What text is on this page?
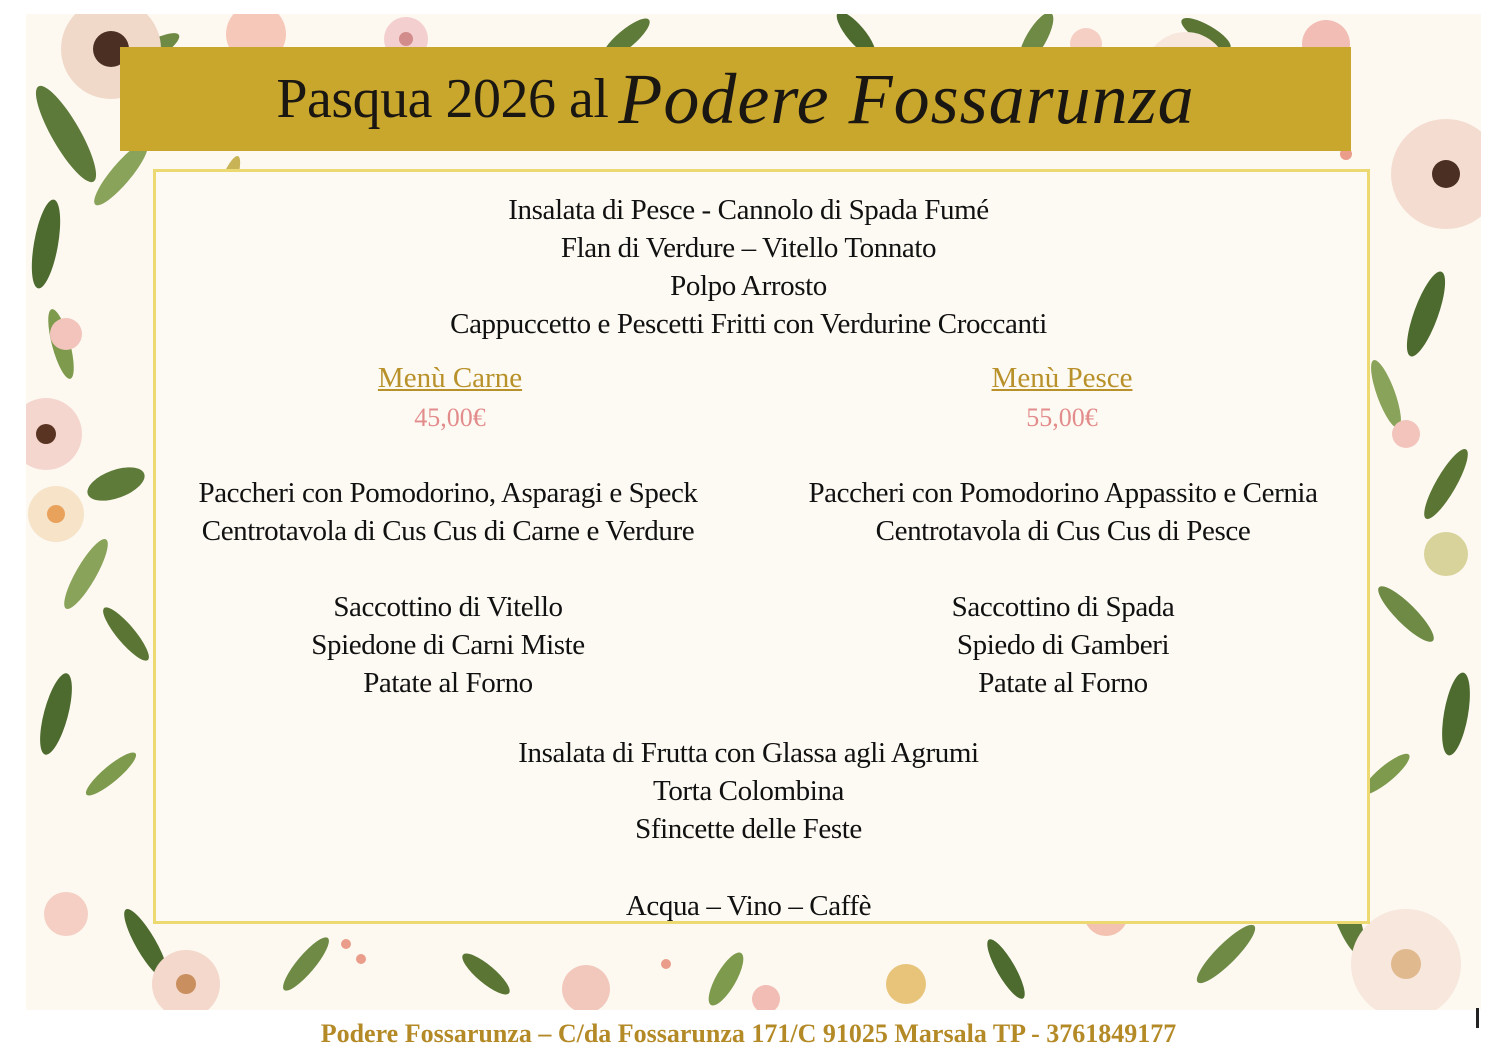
Pasqua 2026 al Podere Fossarunza
Insalata di Pesce - Cannolo di Spada Fumé
Flan di Verdure – Vitello Tonnato
Polpo Arrosto
Cappuccetto e Pescetti Fritti con Verdurine Croccanti
Menù Carne
45,00€
Menù Pesce
55,00€
Paccheri con Pomodorino, Asparagi e Speck
Centrotavola di Cus Cus di Carne e Verdure
Saccottino di Vitello
Spiedone di Carni Miste
Patate al Forno
Paccheri con Pomodorino Appassito e Cernia
Centrotavola di Cus Cus di Pesce
Saccottino di Spada
Spiedo di Gamberi
Patate al Forno
Insalata di Frutta con Glassa agli Agrumi
Torta Colombina
Sfincette delle Feste
Acqua – Vino – Caffè
Podere Fossarunza – C/da Fossarunza 171/C 91025 Marsala TP - 3761849177
